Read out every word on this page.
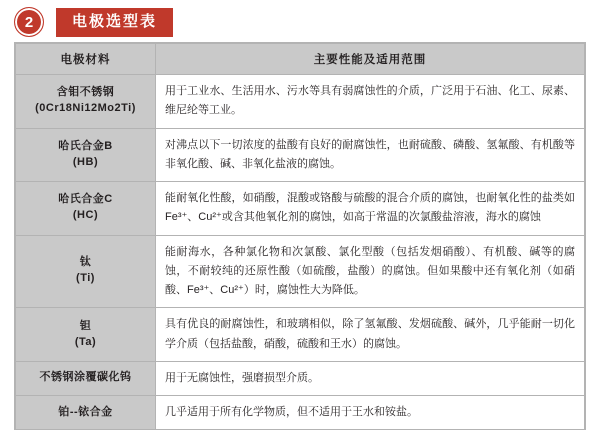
2	电极选型表
电极材料	主要性能及适用范围

含钼不锈钢
(0Cr18Ni12Mo2Ti)	用于工业水、生活用水、污水等具有弱腐蚀性的介质，广泛用于石油、化工、尿素、维尼纶等工业。

哈氏合金B
(HB)	对沸点以下一切浓度的盐酸有良好的耐腐蚀性，也耐硫酸、磷酸、氢氟酸、有机酸等非氧化酸、碱、非氧化盐液的腐蚀。

哈氏合金C
(HC)	能耐氧化性酸，如硝酸，混酸或铬酸与硫酸的混合介质的腐蚀，也耐氧化性的盐类如Fe³⁺、Cu²⁺或含其他氧化剂的腐蚀，如高于常温的次氯酸盐溶液，海水的腐蚀

钛
(Ti)	能耐海水，各种氯化物和次氯酸、氯化型酸（包括发烟硝酸）、有机酸、碱等的腐蚀，不耐较纯的还原性酸（如硫酸，盐酸）的腐蚀。但如果酸中还有氧化剂（如硝酸、Fe³⁺、Cu²⁺）时，腐蚀性大为降低。

钽
(Ta)	具有优良的耐腐蚀性，和玻璃相似，除了氢氟酸、发烟硫酸、碱外，几乎能耐一切化学介质（包括盐酸，硝酸，硫酸和王水）的腐蚀。

不锈钢涂覆碳化钨	用于无腐蚀性，强磨损型介质。

铂--铱合金	几乎适用于所有化学物质，但不适用于王水和铵盐。
